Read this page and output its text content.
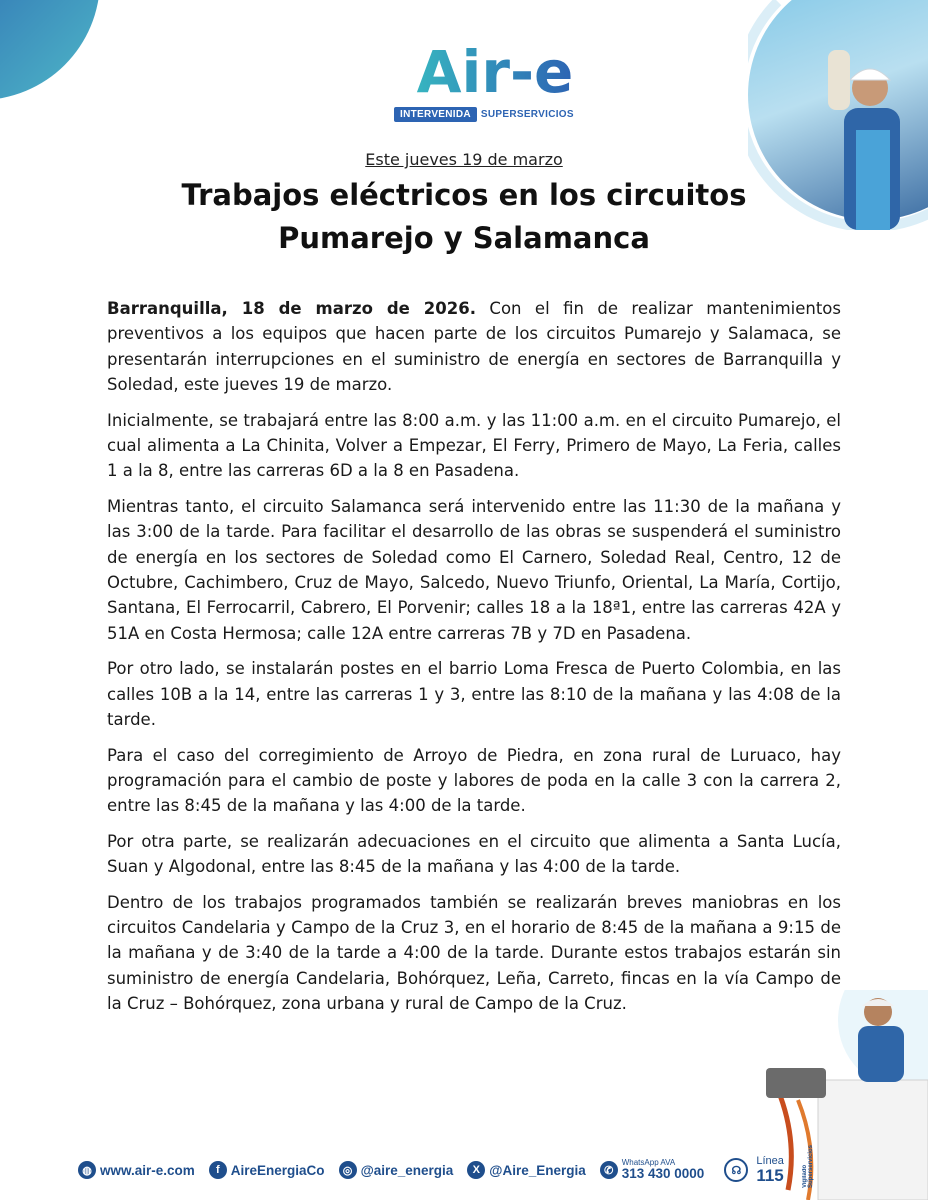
Air-e
INTERVENIDA	SUPERSERVICIOS
Este jueves 19 de marzo
Trabajos eléctricos en los circuitos
Pumarejo y Salamanca

Barranquilla, 18 de marzo de 2026. Con el fin de realizar mantenimientos preventivos a los equipos que hacen parte de los circuitos Pumarejo y Salamaca, se presentarán interrupciones en el suministro de energía en sectores de Barranquilla y Soledad, este jueves 19 de marzo.

Inicialmente, se trabajará entre las 8:00 a.m. y las 11:00 a.m. en el circuito Pumarejo, el cual alimenta a La Chinita, Volver a Empezar, El Ferry, Primero de Mayo, La Feria, calles 1 a la 8, entre las carreras 6D a la 8 en Pasadena.

Mientras tanto, el circuito Salamanca será intervenido entre las 11:30 de la mañana y las 3:00 de la tarde. Para facilitar el desarrollo de las obras se suspenderá el suministro de energía en los sectores de Soledad como El Carnero, Soledad Real, Centro, 12 de Octubre, Cachimbero, Cruz de Mayo, Salcedo, Nuevo Triunfo, Oriental, La María, Cortijo, Santana, El Ferrocarril, Cabrero, El Porvenir; calles 18 a la 18ª1, entre las carreras 42A y 51A en Costa Hermosa; calle 12A entre carreras 7B y 7D en Pasadena.

Por otro lado, se instalarán postes en el barrio Loma Fresca de Puerto Colombia, en las calles 10B a la 14, entre las carreras 1 y 3, entre las 8:10 de la mañana y las 4:08 de la tarde.

Para el caso del corregimiento de Arroyo de Piedra, en zona rural de Luruaco, hay programación para el cambio de poste y labores de poda en la calle 3 con la carrera 2, entre las 8:45 de la mañana y las 4:00 de la tarde.

Por otra parte, se realizarán adecuaciones en el circuito que alimenta a Santa Lucía, Suan y Algodonal, entre las 8:45 de la mañana y las 4:00 de la tarde.

Dentro de los trabajos programados también se realizarán breves maniobras en los circuitos Candelaria y Campo de la Cruz 3, en el horario de 8:45 de la mañana a 9:15 de la mañana y de 3:40 de la tarde a 4:00 de la tarde. Durante estos trabajos estarán sin suministro de energía Candelaria, Bohórquez, Leña, Carreto, fincas en la vía Campo de la Cruz – Bohórquez, zona urbana y rural de Campo de la Cruz.

◍ www.air-e.com	f AireEnergiaCo	◎ @aire_energia	X @Aire_Energia	✆
WhatsApp AVA
313 430 0000	☊
Línea
115	Vigilado Superservicios
